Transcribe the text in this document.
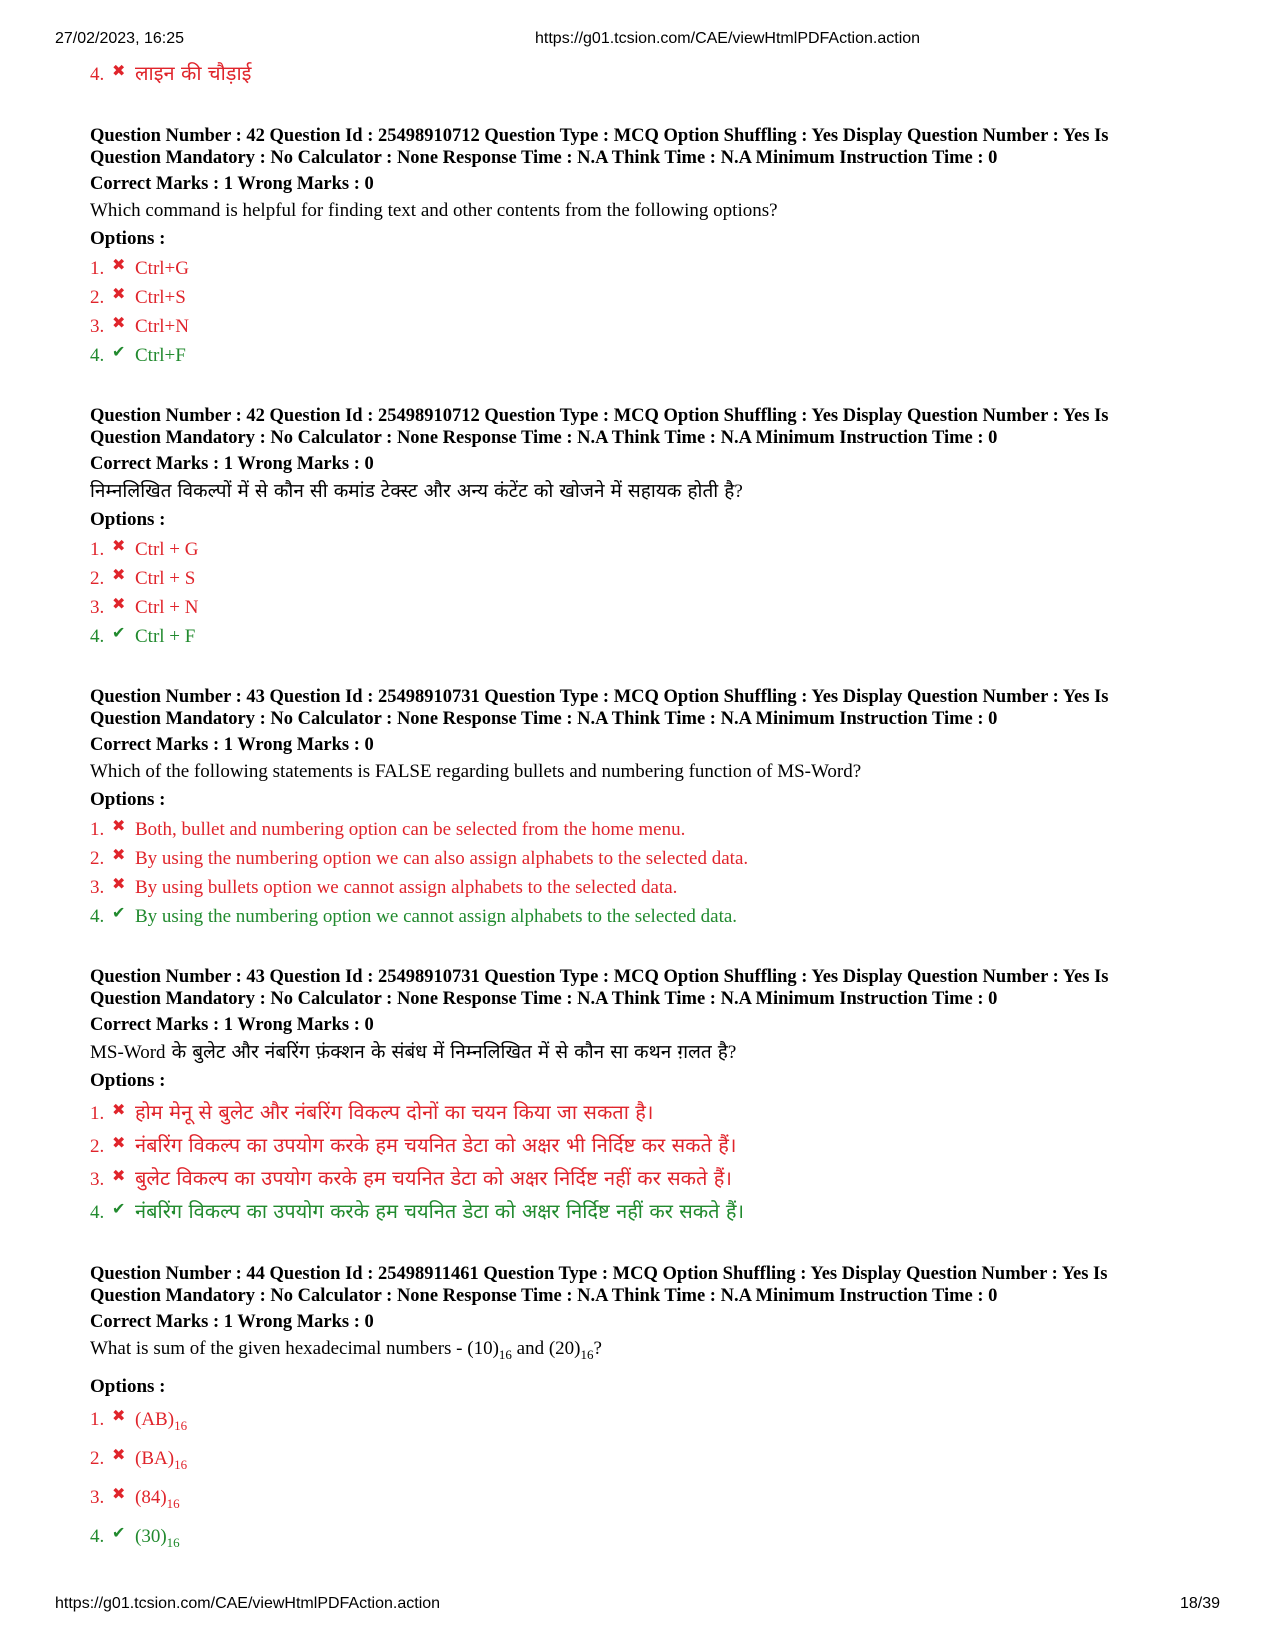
27/02/2023, 16:25	https://g01.tcsion.com/CAE/viewHtmlPDFAction.action
4. ✖ लाइन की चौड़ाई
Question Number : 42 Question Id : 25498910712 Question Type : MCQ Option Shuffling : Yes Display Question Number : Yes Is
Question Mandatory : No Calculator : None Response Time : N.A Think Time : N.A Minimum Instruction Time : 0
Correct Marks : 1 Wrong Marks : 0
Which command is helpful for finding text and other contents from the following options?
Options :
1. ✖ Ctrl+G
2. ✖ Ctrl+S
3. ✖ Ctrl+N
4. ✔ Ctrl+F
Question Number : 42 Question Id : 25498910712 Question Type : MCQ Option Shuffling : Yes Display Question Number : Yes Is
Question Mandatory : No Calculator : None Response Time : N.A Think Time : N.A Minimum Instruction Time : 0
Correct Marks : 1 Wrong Marks : 0
निम्नलिखित विकल्पों में से कौन सी कमांड टेक्स्ट और अन्य कंटेंट को खोजने में सहायक होती है?
Options :
1. ✖ Ctrl + G
2. ✖ Ctrl + S
3. ✖ Ctrl + N
4. ✔ Ctrl + F
Question Number : 43 Question Id : 25498910731 Question Type : MCQ Option Shuffling : Yes Display Question Number : Yes Is
Question Mandatory : No Calculator : None Response Time : N.A Think Time : N.A Minimum Instruction Time : 0
Correct Marks : 1 Wrong Marks : 0
Which of the following statements is FALSE regarding bullets and numbering function of MS-Word?
Options :
1. ✖ Both, bullet and numbering option can be selected from the home menu.
2. ✖ By using the numbering option we can also assign alphabets to the selected data.
3. ✖ By using bullets option we cannot assign alphabets to the selected data.
4. ✔ By using the numbering option we cannot assign alphabets to the selected data.
Question Number : 43 Question Id : 25498910731 Question Type : MCQ Option Shuffling : Yes Display Question Number : Yes Is
Question Mandatory : No Calculator : None Response Time : N.A Think Time : N.A Minimum Instruction Time : 0
Correct Marks : 1 Wrong Marks : 0
MS-Word के बुलेट और नंबरिंग फ़ंक्शन के संबंध में निम्नलिखित में से कौन सा कथन ग़लत है?
Options :
1. ✖ होम मेनू से बुलेट और नंबरिंग विकल्प दोनों का चयन किया जा सकता है।
2. ✖ नंबरिंग विकल्प का उपयोग करके हम चयनित डेटा को अक्षर भी निर्दिष्ट कर सकते हैं।
3. ✖ बुलेट विकल्प का उपयोग करके हम चयनित डेटा को अक्षर निर्दिष्ट नहीं कर सकते हैं।
4. ✔ नंबरिंग विकल्प का उपयोग करके हम चयनित डेटा को अक्षर निर्दिष्ट नहीं कर सकते हैं।
Question Number : 44 Question Id : 25498911461 Question Type : MCQ Option Shuffling : Yes Display Question Number : Yes Is
Question Mandatory : No Calculator : None Response Time : N.A Think Time : N.A Minimum Instruction Time : 0
Correct Marks : 1 Wrong Marks : 0
What is sum of the given hexadecimal numbers - $(10)_{16}$ and $(20)_{16}$?
Options :
1. ✖ $(AB)_{16}$
2. ✖ $(BA)_{16}$
3. ✖ $(84)_{16}$
4. ✔ $(30)_{16}$
https://g01.tcsion.com/CAE/viewHtmlPDFAction.action	18/39
